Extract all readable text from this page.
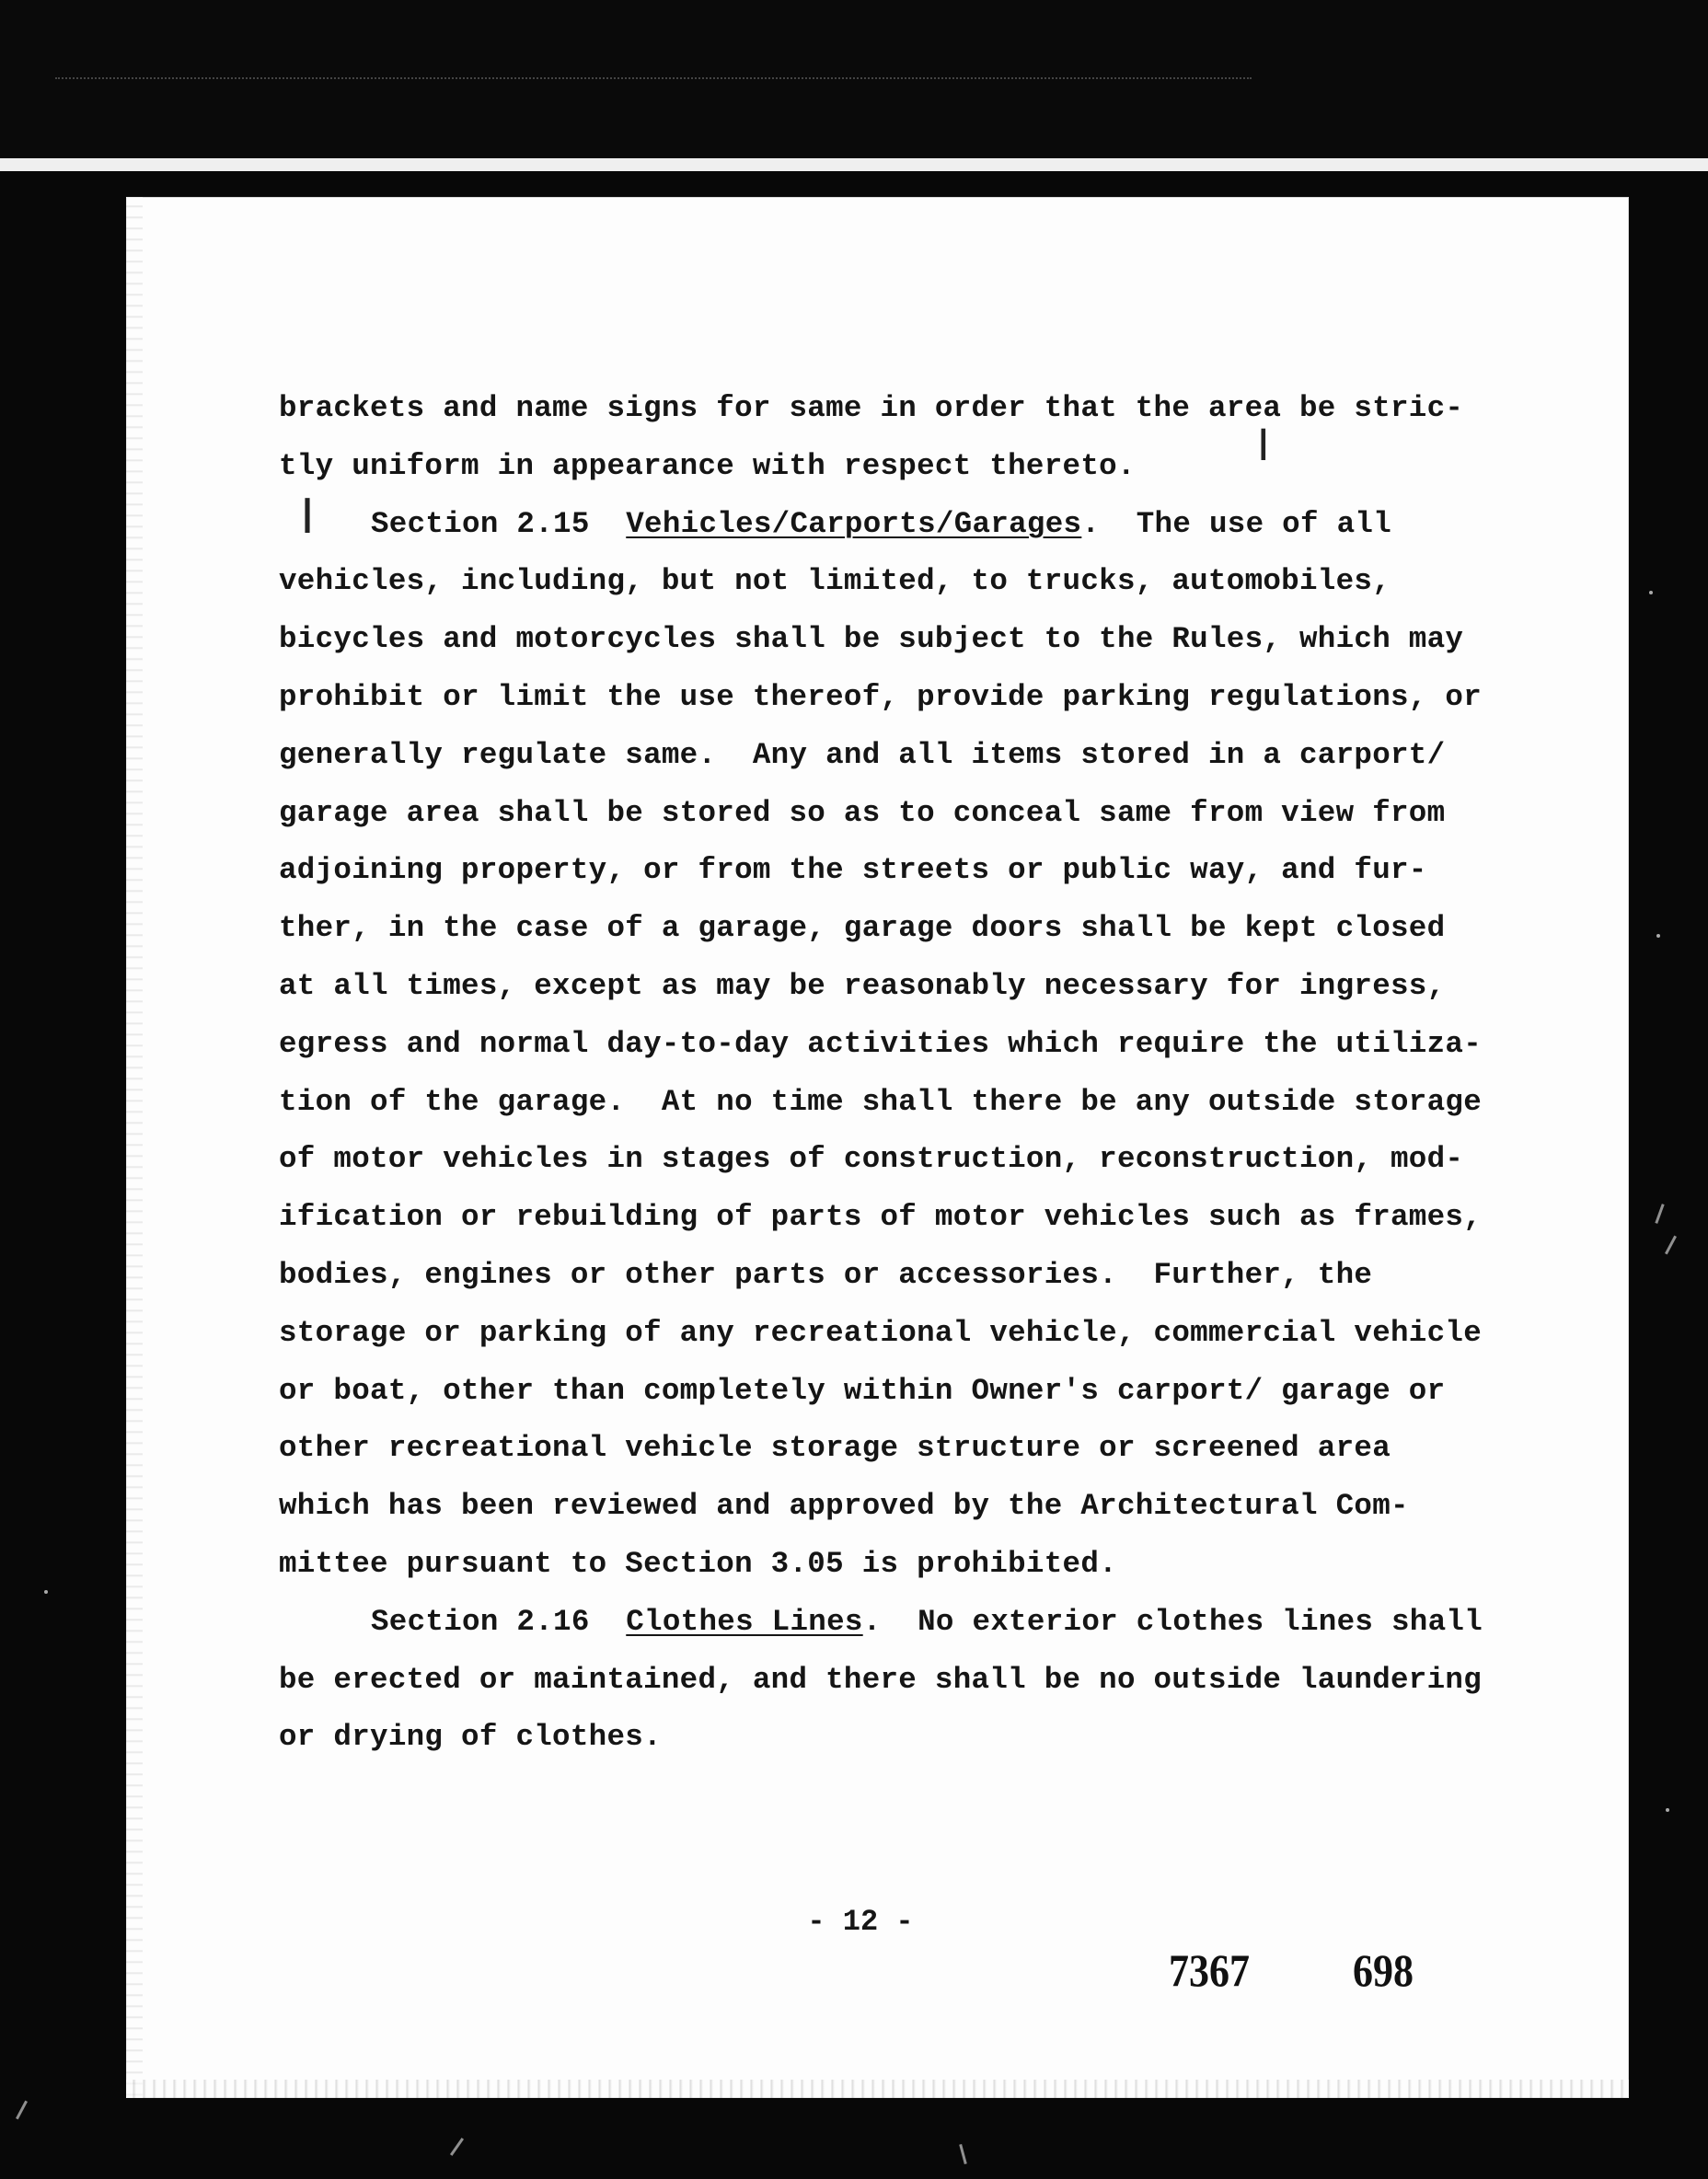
brackets and name signs for same in order that the area be stric-
tly uniform in appearance with respect thereto.
Section 2.15 Vehicles/Carports/Garages.  The use of all
vehicles, including, but not limited, to trucks, automobiles,
bicycles and motorcycles shall be subject to the Rules, which may
prohibit or limit the use thereof, provide parking regulations, or
generally regulate same.  Any and all items stored in a carport/
garage area shall be stored so as to conceal same from view from
adjoining property, or from the streets or public way, and fur-
ther, in the case of a garage, garage doors shall be kept closed
at all times, except as may be reasonably necessary for ingress,
egress and normal day-to-day activities which require the utiliza-
tion of the garage.  At no time shall there be any outside storage
of motor vehicles in stages of construction, reconstruction, mod-
ification or rebuilding of parts of motor vehicles such as frames,
bodies, engines or other parts or accessories.  Further, the
storage or parking of any recreational vehicle, commercial vehicle
or boat, other than completely within Owner's carport/ garage or
other recreational vehicle storage structure or screened area
which has been reviewed and approved by the Architectural Com-
mittee pursuant to Section 3.05 is prohibited.
Section 2.16 Clothes Lines.  No exterior clothes lines shall
be erected or maintained, and there shall be no outside laundering
or drying of clothes.
|
|
- 12 -
7367 698
